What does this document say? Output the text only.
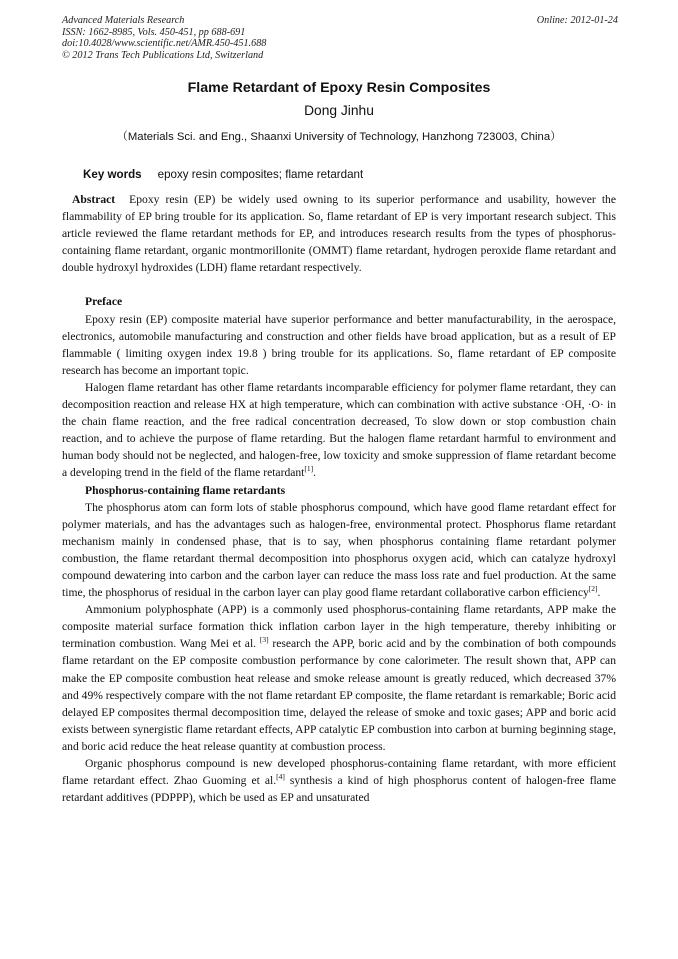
Advanced Materials Research
ISSN: 1662-8985, Vols. 450-451, pp 688-691
doi:10.4028/www.scientific.net/AMR.450-451.688
© 2012 Trans Tech Publications Ltd, Switzerland
Online: 2012-01-24
Flame Retardant of Epoxy Resin Composites
Dong Jinhu
（Materials Sci. and Eng., Shaanxi University of Technology, Hanzhong 723003, China）
Key words epoxy resin composites; flame retardant

Abstract Epoxy resin (EP) be widely used owning to its superior performance and usability, however the flammability of EP bring trouble for its application. So, flame retardant of EP is very important research subject. This article reviewed the flame retardant methods for EP, and introduces research results from the types of phosphorus-containing flame retardant, organic montmorillonite (OMMT) flame retardant, hydrogen peroxide flame retardant and double hydroxyl hydroxides (LDH) flame retardant respectively.

Preface

Epoxy resin (EP) composite material have superior performance and better manufacturability, in the aerospace, electronics, automobile manufacturing and construction and other fields have broad application, but as a result of EP flammable ( limiting oxygen index 19.8 ) bring trouble for its applications. So, flame retardant of EP composite research has become an important topic.

Halogen flame retardant has other flame retardants incomparable efficiency for polymer flame retardant, they can decomposition reaction and release HX at high temperature, which can combination with active substance ·OH, ·O· in the chain flame reaction, and the free radical concentration decreased, To slow down or stop combustion chain reaction, and to achieve the purpose of flame retarding. But the halogen flame retardant harmful to environment and human body should not be neglected, and halogen-free, low toxicity and smoke suppression of flame retardant become a developing trend in the field of the flame retardant[1].

Phosphorus-containing flame retardants

The phosphorus atom can form lots of stable phosphorus compound, which have good flame retardant effect for polymer materials, and has the advantages such as halogen-free, environmental protect. Phosphorus flame retardant mechanism mainly in condensed phase, that is to say, when phosphorus containing flame retardant polymer combustion, the flame retardant thermal decomposition into phosphorus oxygen acid, which can catalyze hydroxyl compound dewatering into carbon and the carbon layer can reduce the mass loss rate and fuel production. At the same time, the phosphorus of residual in the carbon layer can play good flame retardant collaborative carbon efficiency[2].

Ammonium polyphosphate (APP) is a commonly used phosphorus-containing flame retardants, APP make the composite material surface formation thick inflation carbon layer in the high temperature, thereby inhibiting or termination combustion. Wang Mei et al. [3] research the APP, boric acid and by the combination of both compounds flame retardant on the EP composite combustion performance by cone calorimeter. The result shown that, APP can make the EP composite combustion heat release and smoke release amount is greatly reduced, which decreased 37% and 49% respectively compare with the not flame retardant EP composite, the flame retardant is remarkable; Boric acid delayed EP composites thermal decomposition time, delayed the release of smoke and toxic gases; APP and boric acid exists between synergistic flame retardant effects, APP catalytic EP combustion into carbon at burning beginning stage, and boric acid reduce the heat release quantity at combustion process.

Organic phosphorus compound is new developed phosphorus-containing flame retardant, with more efficient flame retardant effect. Zhao Guoming et al.[4] synthesis a kind of high phosphorus content of halogen-free flame retardant additives (PDPPP), which be used as EP and unsaturated
